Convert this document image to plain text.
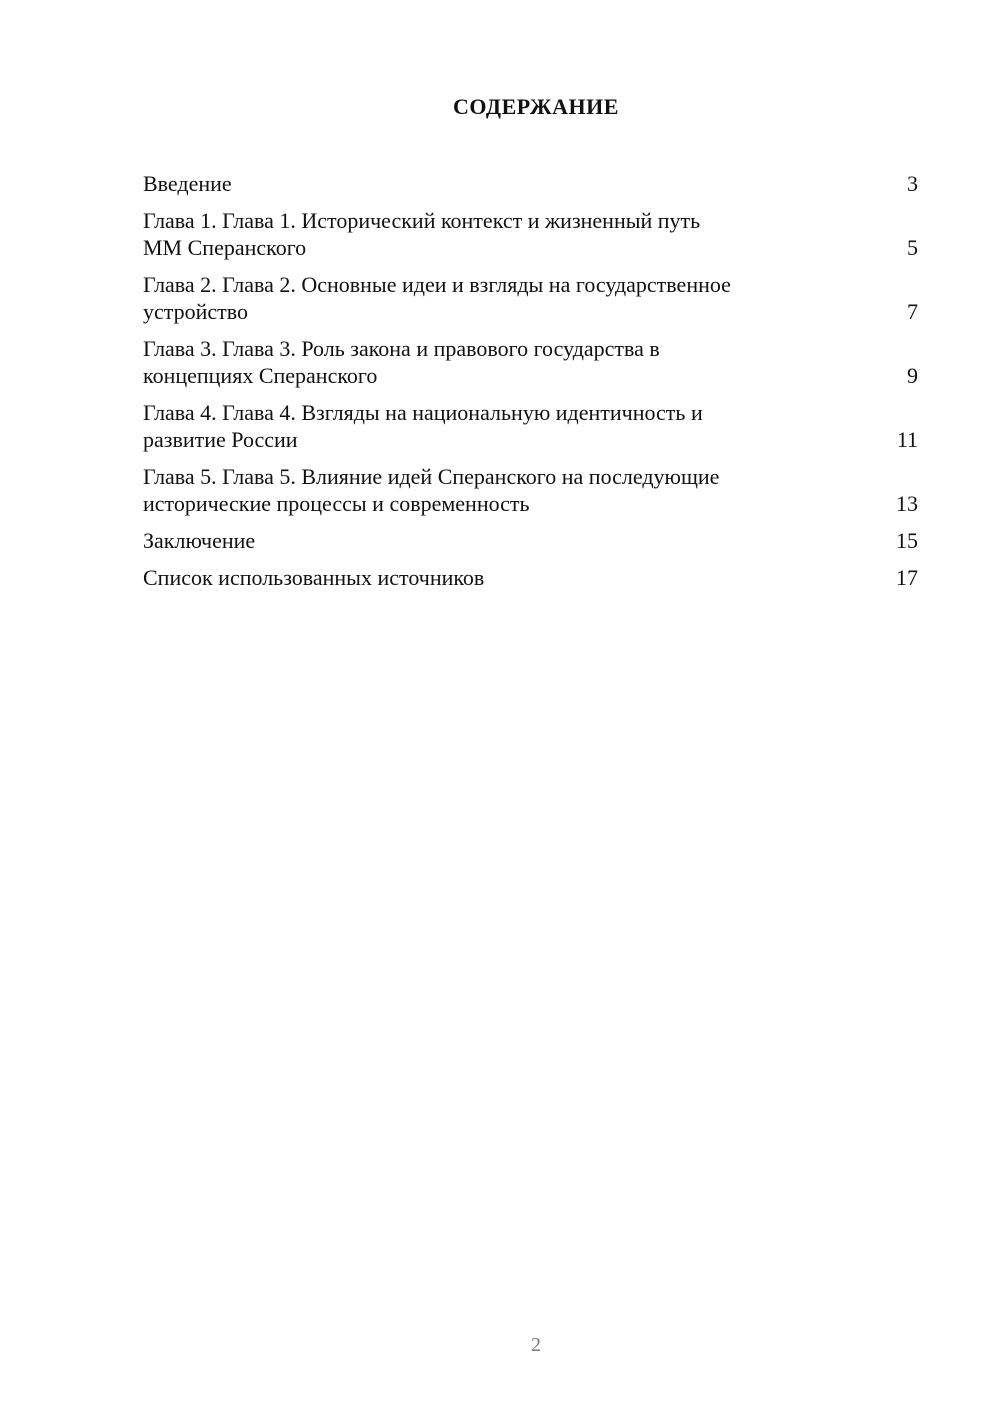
СОДЕРЖАНИЕ
Введение	3
Глава 1. Глава 1. Исторический контекст и жизненный путь
ММ Сперанского	5
Глава 2. Глава 2. Основные идеи и взгляды на государственное
устройство	7
Глава 3. Глава 3. Роль закона и правового государства в
концепциях Сперанского	9
Глава 4. Глава 4. Взгляды на национальную идентичность и
развитие России	11
Глава 5. Глава 5. Влияние идей Сперанского на последующие
исторические процессы и современность	13
Заключение	15
Список использованных источников	17
2
